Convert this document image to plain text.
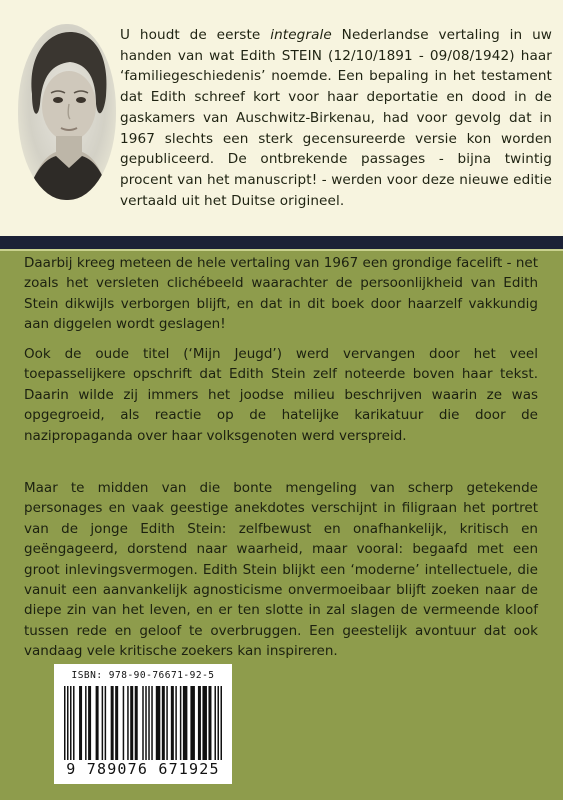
U houdt de eerste integrale Nederlandse vertaling in uw handen van wat Edith STEIN (12/10/1891 - 09/08/1942) haar ‘familiegeschiedenis’ noemde. Een bepaling in het testament dat Edith schreef kort voor haar deportatie en dood in de gaskamers van Auschwitz-Birkenau, had voor gevolg dat in 1967 slechts een sterk gecensureerde versie kon worden gepubliceerd. De ontbrekende passages - bijna twintig procent van het manuscript! - werden voor deze nieuwe editie vertaald uit het Duitse origineel.

Daarbij kreeg meteen de hele vertaling van 1967 een grondige facelift - net zoals het versleten clichébeeld waarachter de persoonlijkheid van Edith Stein dikwijls verborgen blijft, en dat in dit boek door haarzelf vakkundig aan diggelen wordt geslagen!

Ook de oude titel (‘Mijn Jeugd’) werd vervangen door het veel toepasselijkere opschrift dat Edith Stein zelf noteerde boven haar tekst. Daarin wilde zij immers het joodse milieu beschrijven waarin ze was opgegroeid, als reactie op de hatelijke karikatuur die door de nazipropaganda over haar volksgenoten werd verspreid.

Maar te midden van die bonte mengeling van scherp getekende personages en vaak geestige anekdotes verschijnt in filigraan het portret van de jonge Edith Stein: zelfbewust en onafhankelijk, kritisch en geëngageerd, dorstend naar waarheid, maar vooral: begaafd met een groot inlevingsvermogen. Edith Stein blijkt een ‘moderne’ intellectuele, die vanuit een aanvankelijk agnosticisme onvermoeibaar blijft zoeken naar de diepe zin van het leven, en er ten slotte in zal slagen de vermeende kloof tussen rede en geloof te overbruggen. Een geestelijk avontuur dat ook vandaag vele kritische zoekers kan inspireren.

ISBN: 978-90-76671-92-5
9 789076 671925
